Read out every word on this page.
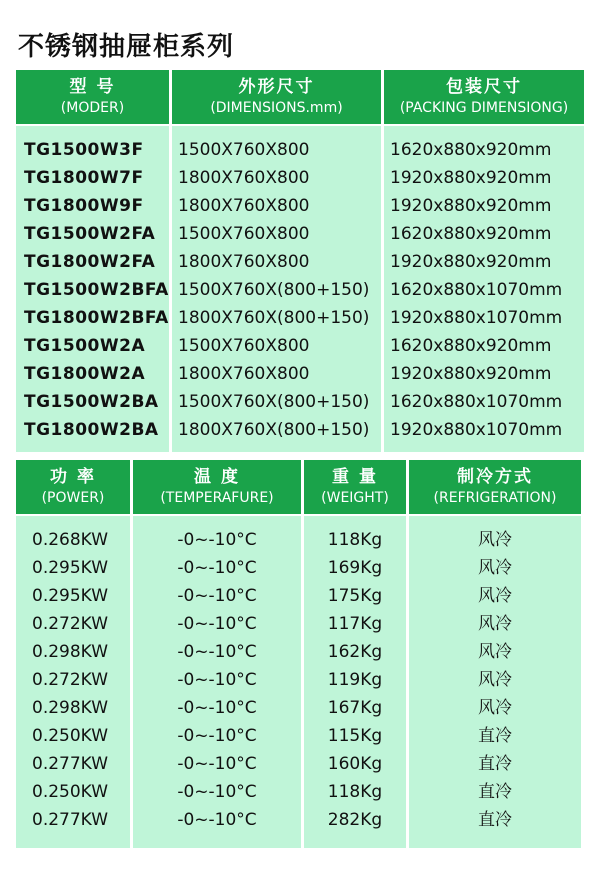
不锈钢抽屉柜系列
型 号
(MODER)
外形尺寸
(DIMENSIONS.mm)
包装尺寸
(PACKING DIMENSIONG)
TG1500W3F
TG1800W7F
TG1800W9F
TG1500W2FA
TG1800W2FA
TG1500W2BFA
TG1800W2BFA
TG1500W2A
TG1800W2A
TG1500W2BA
TG1800W2BA
1500X760X800
1800X760X800
1800X760X800
1500X760X800
1800X760X800
1500X760X(800+150)
1800X760X(800+150)
1500X760X800
1800X760X800
1500X760X(800+150)
1800X760X(800+150)
1620x880x920mm
1920x880x920mm
1920x880x920mm
1620x880x920mm
1920x880x920mm
1620x880x1070mm
1920x880x1070mm
1620x880x920mm
1920x880x920mm
1620x880x1070mm
1920x880x1070mm
功 率
(POWER)
温 度
(TEMPERAFURE)
重 量
(WEIGHT)
制冷方式
(REFRIGERATION)
0.268KW
0.295KW
0.295KW
0.272KW
0.298KW
0.272KW
0.298KW
0.250KW
0.277KW
0.250KW
0.277KW
-0~-10°C
-0~-10°C
-0~-10°C
-0~-10°C
-0~-10°C
-0~-10°C
-0~-10°C
-0~-10°C
-0~-10°C
-0~-10°C
-0~-10°C
118Kg
169Kg
175Kg
117Kg
162Kg
119Kg
167Kg
115Kg
160Kg
118Kg
282Kg
风冷
风冷
风冷
风冷
风冷
风冷
风冷
直冷
直冷
直冷
直冷
